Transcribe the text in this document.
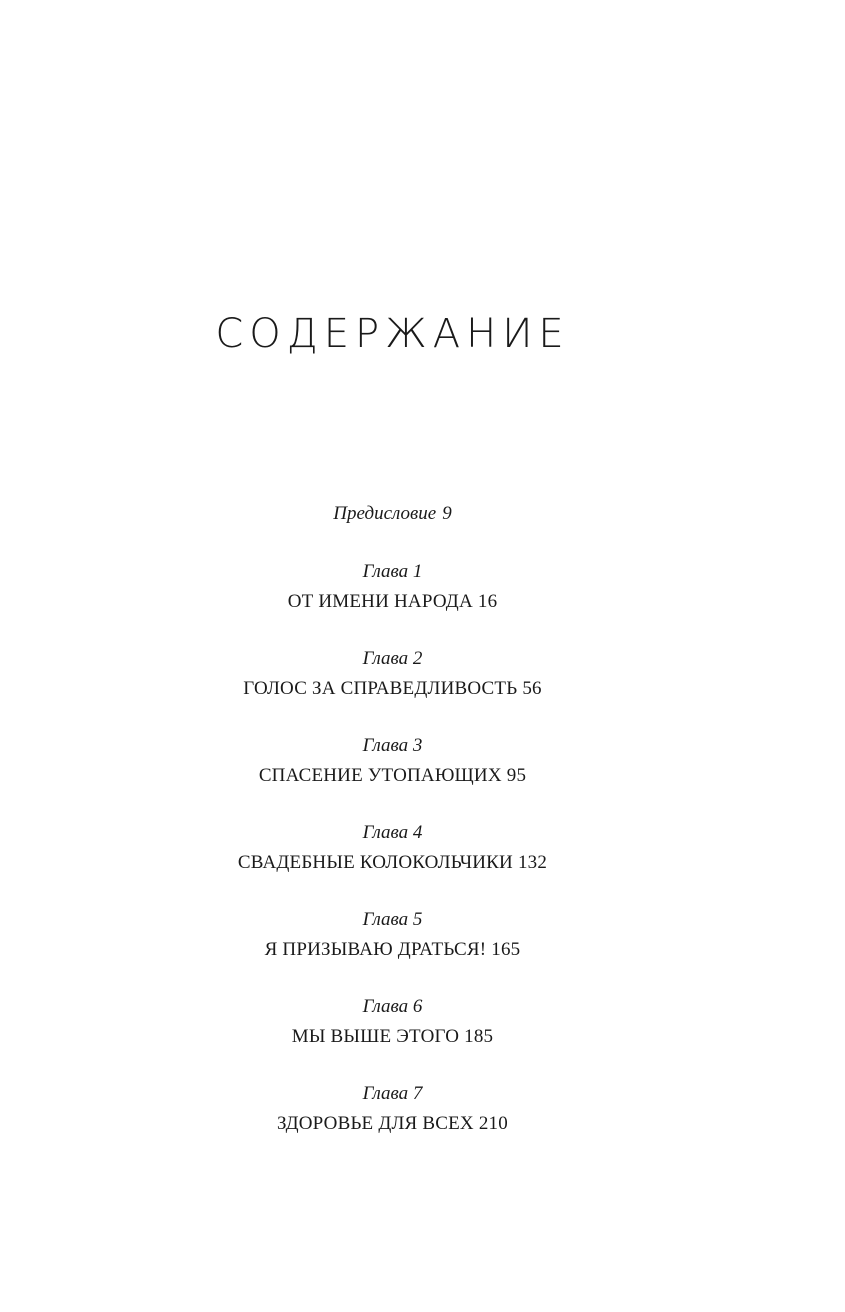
СОДЕРЖАНИЕ
Предисловие 9
Глава 1
ОТ ИМЕНИ НАРОДА 16
Глава 2
ГОЛОС ЗА СПРАВЕДЛИВОСТЬ 56
Глава 3
СПАСЕНИЕ УТОПАЮЩИХ 95
Глава 4
СВАДЕБНЫЕ КОЛОКОЛЬЧИКИ 132
Глава 5
Я ПРИЗЫВАЮ ДРАТЬСЯ! 165
Глава 6
МЫ ВЫШЕ ЭТОГО 185
Глава 7
ЗДОРОВЬЕ ДЛЯ ВСЕХ 210
